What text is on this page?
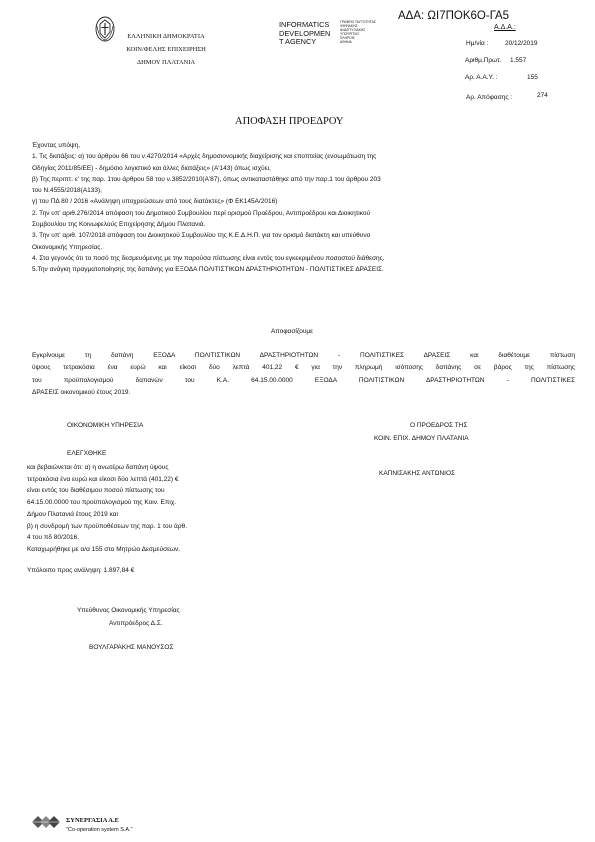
ΑΔΑ: ΩΙ7ΠΟΚ6Ο-ΓΑ5
ΕΛΛΗΝΙΚΗ ΔΗΜΟΚΡΑΤΙΑ
ΚΟΙΝ/ΦΕΛΗΣ ΕΠΙΧΕΙΡΗΣΗ
ΔΗΜΟΥ ΠΛΑΤΑΝΙΑ
INFORMATICS
DEVELOPMEN
T AGENCY
ΓΡΑΦΕΙΟ ΤΑΥΤΟΤΗΤΑΣ
ΨΗΦΙΑΚΗΣ
ΑΝΑΠΤΥΞΙΑΚΗΣ
ΥΠΟΥΡΓΕΙΟ
ΠΛΗΡΟΦ.
ΑΘΗΝΑ
Α.Δ.Α.:
Ημ/νία :	20/12/2019
Αριθμ.Πρωτ. 1.557
Αρ. Α.Α.Υ. :	155
Αρ. Απόφασης :	274
ΑΠΟΦΑΣΗ ΠΡΟΕΔΡΟΥ
Έχοντας υπόψη,
1. Τις διατάξεις: α) του άρθρου 66 του ν.4270/2014 «Αρχές δημοσιονομικής διαχείρισης και εποπτείας (ενσωμάτωση της
Οδηγίας 2011/85/ΕΕ) - δημόσιο λογιστικό και άλλες διατάξεις» (Α'143) όπως ισχύει,
β) Της περιπτ. ε' της παρ. 1του άρθρου 58 του ν.3852/2010(Α'87), όπως αντικαταστάθηκε από την παρ.1 του άρθρου 203
του Ν.4555/2018(Α133),
γ) του ΠΔ 80 / 2016 «Ανάληψη υποχρεώσεων από τους διατάκτες» (Φ ΕΚ145Α/2016)
2. Την υπ' αριθ.276/2014 απόφαση του Δημοτικού Συμβουλίου περί ορισμού Προέδρου, Αντιπροέδρου και Διοικητικού
Συμβουλίου της Κοινωφελούς Επιχείρησης Δήμου Πλατανιά.
3. Την υπ' αριθ. 107/2018 απόφαση του Διοικητικού Συμβουλίου της Κ.Ε.Δ.Η.Π. για τον ορισμό διατάκτη και υπεύθυνο
Οικονομικής Υπηρεσίας.
4. Στα γεγονός ότι το ποσό της δεσμευόμενης με την παρούσα πίστωσης είναι εντός του εγκεκριμένου ποσοστού διάθεσης.
5.Την ανάγκη πραγματοποίησης της δαπάνης για ΕΞΟΔΑ ΠΟΛΙΤΙΣΤΙΚΩΝ ΔΡΑΣΤΗΡΙΟΤΗΤΩΝ - ΠΟΛΙΤΙΣΤΙΚΕΣ ΔΡΑΣΕΙΣ.
Αποφασίζουμε
Εγκρίνουμε τη δαπάνη ΕΞΟΔΑ ΠΟΛΙΤΙΣΤΙΚΩΝ ΔΡΑΣΤΗΡΙΟΤΗΤΩΝ - ΠΟΛΙΤΙΣΤΙΚΕΣ ΔΡΑΣΕΙΣ και διαθέτουμε πίστωση
ύψους τετρακόσια ένα ευρώ και είκοσι δύο λεπτά 401,22 € για την πληρωμή ισόποσης δαπάνης σε βάρος της πίστωσης
του προϋπολογισμού δαπανών του Κ.Α. 64.15.00.0000 ΕΞΟΔΑ ΠΟΛΙΤΙΣΤΙΚΩΝ ΔΡΑΣΤΗΡΙΟΤΗΤΩΝ - ΠΟΛΙΤΙΣΤΙΚΕΣ
ΔΡΑΣΕΙΣ οικονομικού έτους 2019.
ΟΙΚΟΝΟΜΙΚΗ ΥΠΗΡΕΣΙΑ
ΕΛΕΓΧΘΗΚΕ
και βεβαιώνεται ότι: α) η ανωτέρω δαπάνη ύψους
τετρακόσια ένα ευρώ και είκοσι δύο λεπτά (401,22) €
είναι εντός του διαθέσιμου ποσού πίστωσης του
64.15.00.0000 του προϋπολογισμού της Κοιν. Επιχ.
Δήμου Πλατανιά έτους 2019 και
β) η συνδρομή των προϋποθέσεων της παρ. 1 του άρθ.
4 του πδ 80/2016.
Καταχωρήθηκε με α/α 155 στο Μητρώο Δεσμεύσεων.
Υπόλοιπο προς ανάληψη: 1.897,84 €
Υπεύθυνος Οικονομικής Υπηρεσίας
Αντιπρόεδρος Δ.Σ.
ΒΟΥΛΓΑΡΑΚΗΣ ΜΑΝΟΥΣΟΣ
Ο ΠΡΟΕΔΡΟΣ ΤΗΣ
ΚΟΙΝ. ΕΠΙΧ. ΔΗΜΟΥ ΠΛΑΤΑΝΙΑ
ΚΑΠΝΙΣΑΚΗΣ ΑΝΤΩΝΙΟΣ
ΣΥΝΕΡΓΑΣΙΑ Α.Ε
"Co-operation system S.A."
